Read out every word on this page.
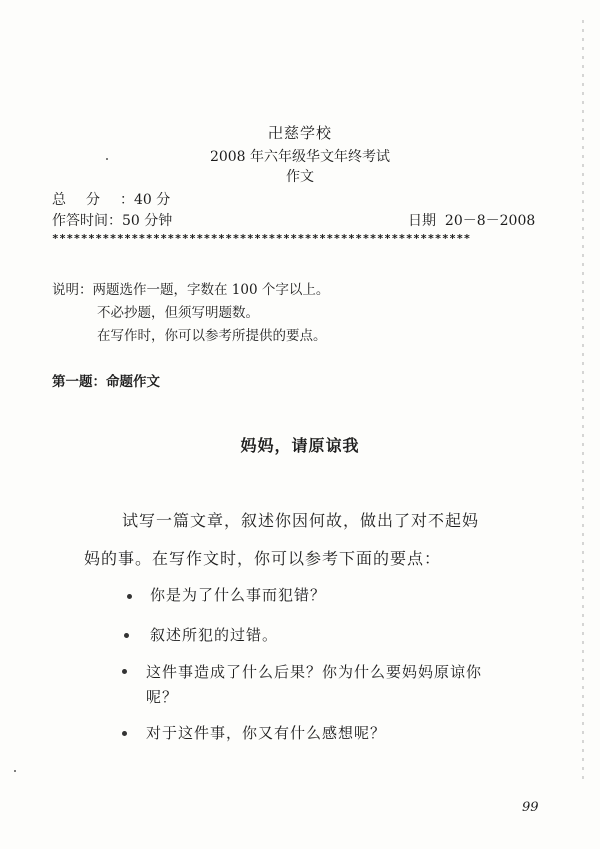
卍慈学校
2008 年六年级华文年终考试
作文
总分：40 分
作答时间：50 分钟	日期 20－8－2008
**********************************************************
说明：两题选作一题，字数在 100 个字以上。
不必抄题，但须写明题数。
在写作时，你可以参考所提供的要点。
第一题：命题作文
妈妈，请原谅我
试写一篇文章，叙述你因何故，做出了对不起妈
妈的事。在写作文时，你可以参考下面的要点：
你是为了什么事而犯错？
叙述所犯的过错。
这件事造成了什么后果？你为什么要妈妈原谅你
呢？
对于这件事，你又有什么感想呢？
99
